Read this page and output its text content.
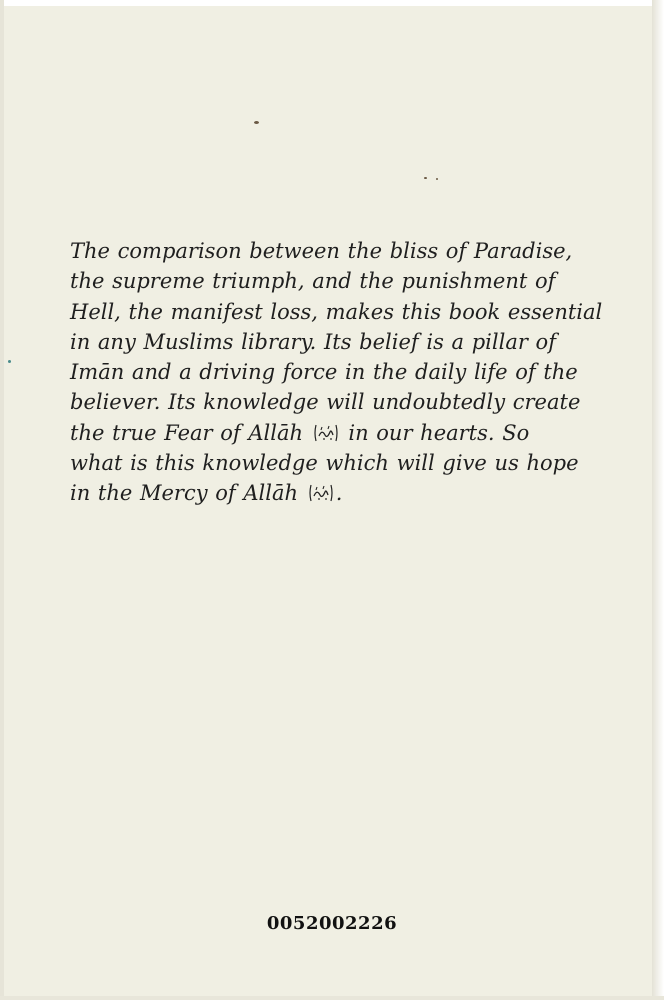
The comparison between the bliss of Paradise,
the supreme triumph, and the punishment of
Hell, the manifest loss, makes this book essential
in any Muslims library. Its belief is a pillar of
Imān and a driving force in the daily life of the
believer. Its knowledge will undoubtedly create
the true Fear of Allāh in our hearts. So
what is this knowledge which will give us hope
in the Mercy of Allāh .
0052002226
